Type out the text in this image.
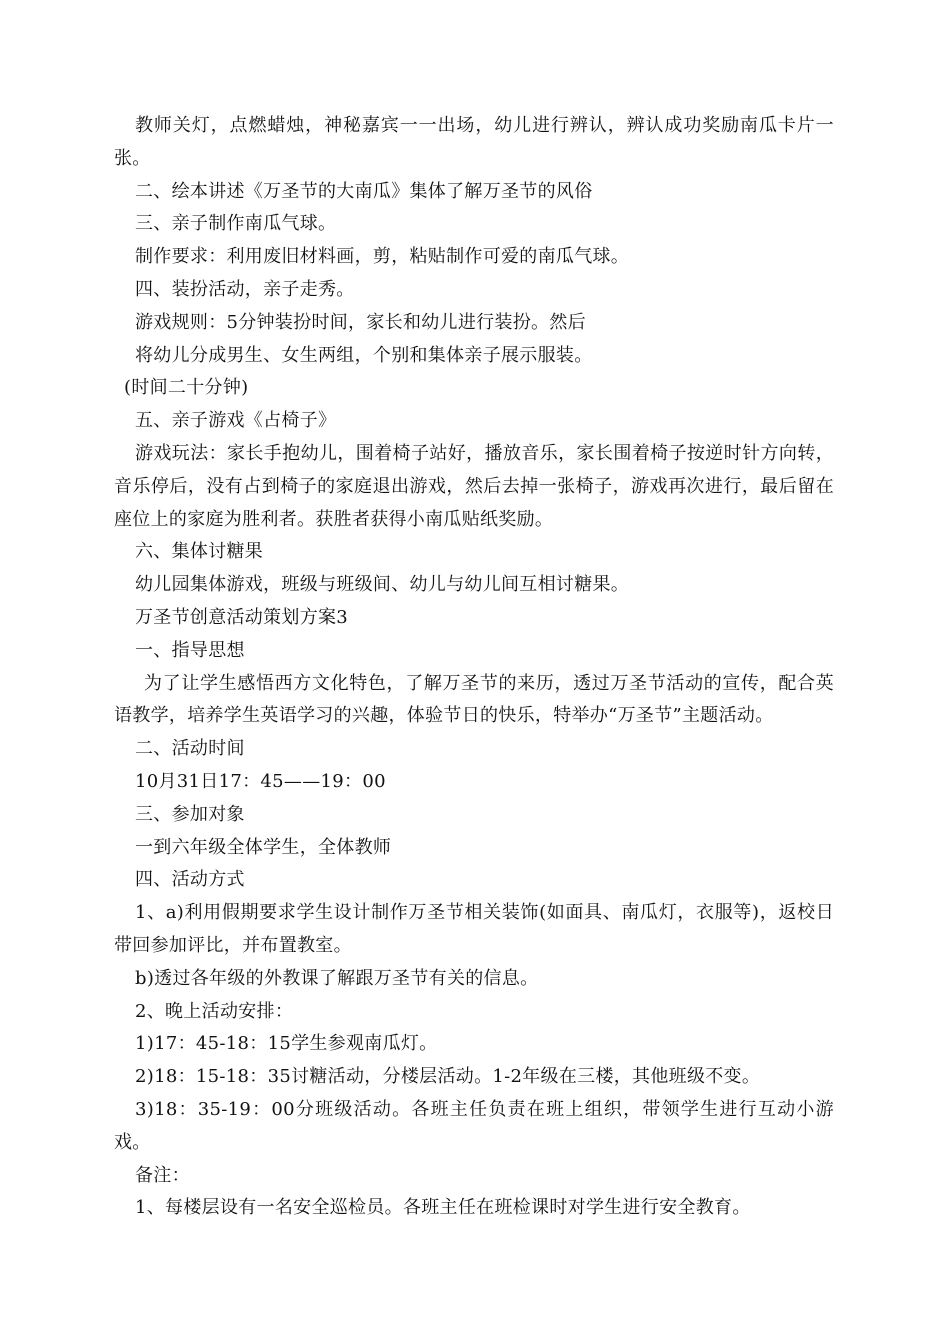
教师关灯，点燃蜡烛，神秘嘉宾一一出场，幼儿进行辨认，辨认成功奖励南瓜卡片一张。

二、绘本讲述《万圣节的大南瓜》集体了解万圣节的风俗

三、亲子制作南瓜气球。

制作要求：利用废旧材料画，剪，粘贴制作可爱的南瓜气球。

四、装扮活动，亲子走秀。

游戏规则：5分钟装扮时间，家长和幼儿进行装扮。然后

将幼儿分成男生、女生两组，个别和集体亲子展示服装。

(时间二十分钟)

五、亲子游戏《占椅子》

游戏玩法：家长手抱幼儿，围着椅子站好，播放音乐，家长围着椅子按逆时针方向转，音乐停后，没有占到椅子的家庭退出游戏，然后去掉一张椅子，游戏再次进行，最后留在座位上的家庭为胜利者。获胜者获得小南瓜贴纸奖励。

六、集体讨糖果

幼儿园集体游戏，班级与班级间、幼儿与幼儿间互相讨糖果。

万圣节创意活动策划方案3

一、指导思想

为了让学生感悟西方文化特色，了解万圣节的来历，透过万圣节活动的宣传，配合英语教学，培养学生英语学习的兴趣，体验节日的快乐，特举办“万圣节”主题活动。

二、活动时间

10月31日17：45——19：00

三、参加对象

一到六年级全体学生，全体教师

四、活动方式

1、a)利用假期要求学生设计制作万圣节相关装饰(如面具、南瓜灯，衣服等)，返校日带回参加评比，并布置教室。

b)透过各年级的外教课了解跟万圣节有关的信息。

2、晚上活动安排：

1)17：45-18：15学生参观南瓜灯。

2)18：15-18：35讨糖活动，分楼层活动。1-2年级在三楼，其他班级不变。

3)18：35-19：00分班级活动。各班主任负责在班上组织，带领学生进行互动小游戏。

备注：

1、每楼层设有一名安全巡检员。各班主任在班检课时对学生进行安全教育。
